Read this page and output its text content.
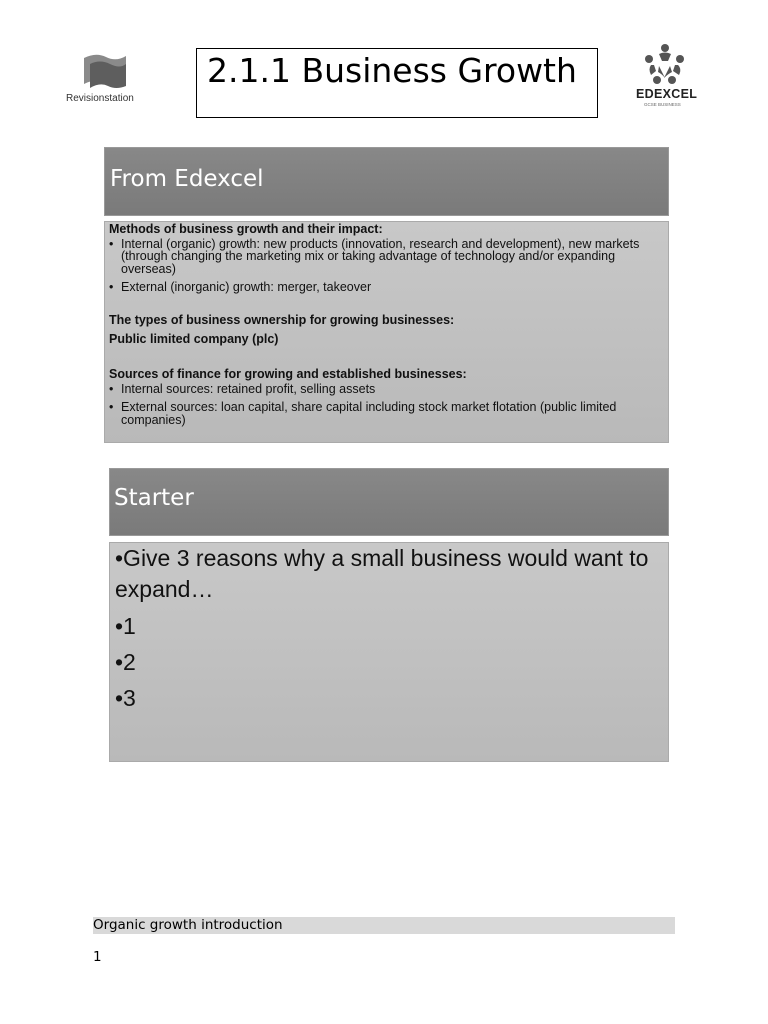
Revisionstation
2.1.1 Business Growth
EDEXCEL
GCSE BUSINESS
From Edexcel
Methods of business growth and their impact:
• Internal (organic) growth: new products (innovation, research and development), new markets (through changing the marketing mix or taking advantage of technology and/or expanding overseas)
• External (inorganic) growth: merger, takeover
The types of business ownership for growing businesses:
Public limited company (plc)
Sources of finance for growing and established businesses:
• Internal sources: retained profit, selling assets
• External sources: loan capital, share capital including stock market flotation (public limited companies)
Starter
•Give 3 reasons why a small business would want to expand…
•1
•2
•3
Organic growth introduction
1
